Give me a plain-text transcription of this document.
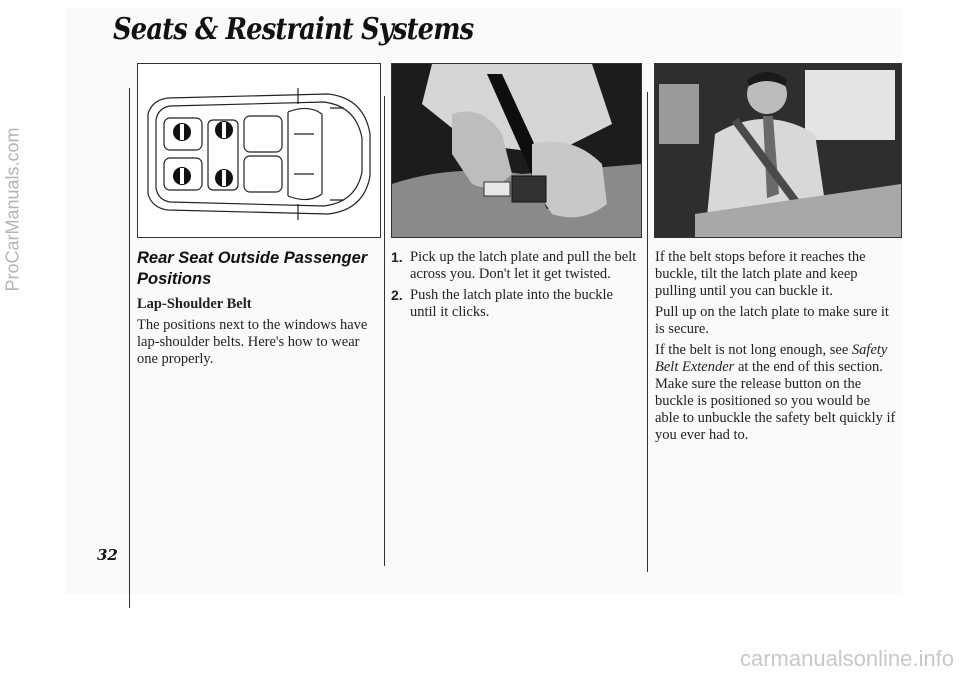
ProCarManuals.com
Seats & Restraint Systems
Rear Seat Outside Passenger Positions
Lap-Shoulder Belt

The positions next to the windows have lap-shoulder belts. Here's how to wear one properly.

1. Pick up the latch plate and pull the belt across you. Don't let it get twisted.
2. Push the latch plate into the buckle until it clicks.

If the belt stops before it reaches the buckle, tilt the latch plate and keep pulling until you can buckle it.

Pull up on the latch plate to make sure it is secure.

If the belt is not long enough, see Safety Belt Extender at the end of this section. Make sure the release button on the buckle is positioned so you would be able to unbuckle the safety belt quickly if you ever had to.

32
carmanualsonline.info
